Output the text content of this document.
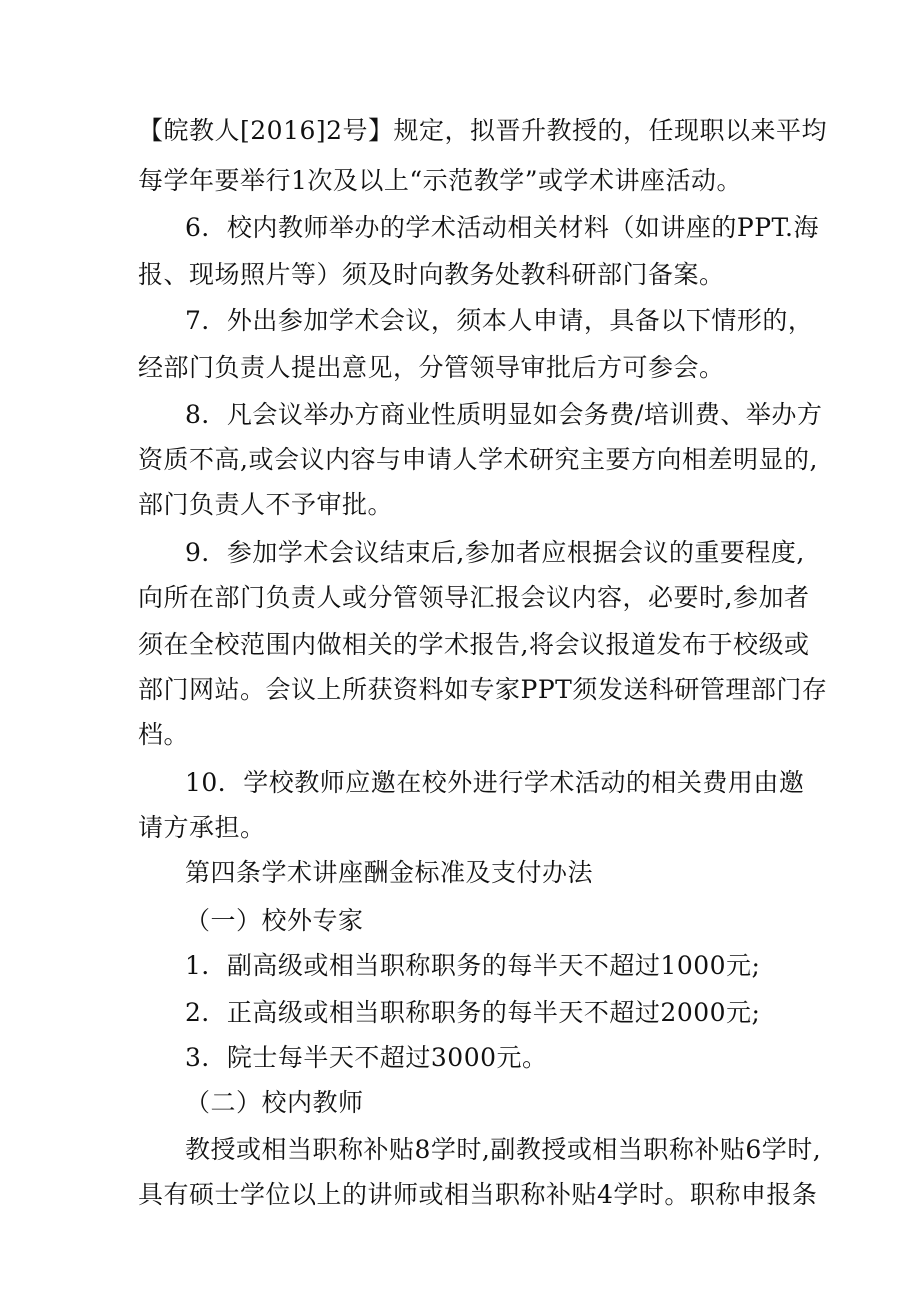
【皖教人[2016]2号】规定，拟晋升教授的，任现职以来平均
每学年要举行1次及以上“示范教学”或学术讲座活动。
6．校内教师举办的学术活动相关材料（如讲座的PPT.海
报、现场照片等）须及时向教务处教科研部门备案。
7．外出参加学术会议，须本人申请，具备以下情形的，
经部门负责人提出意见，分管领导审批后方可参会。
8．凡会议举办方商业性质明显如会务费/培训费、举办方
资质不高,或会议内容与申请人学术研究主要方向相差明显的,
部门负责人不予审批。
9．参加学术会议结束后,参加者应根据会议的重要程度,
向所在部门负责人或分管领导汇报会议内容，必要时,参加者
须在全校范围内做相关的学术报告,将会议报道发布于校级或
部门网站。会议上所获资料如专家PPT须发送科研管理部门存
档。
10．学校教师应邀在校外进行学术活动的相关费用由邀
请方承担。
第四条学术讲座酬金标准及支付办法
（一）校外专家
1．副高级或相当职称职务的每半天不超过1000元;
2．正高级或相当职称职务的每半天不超过2000元;
3．院士每半天不超过3000元。
（二）校内教师
教授或相当职称补贴8学时,副教授或相当职称补贴6学时,
具有硕士学位以上的讲师或相当职称补贴4学时。职称申报条
